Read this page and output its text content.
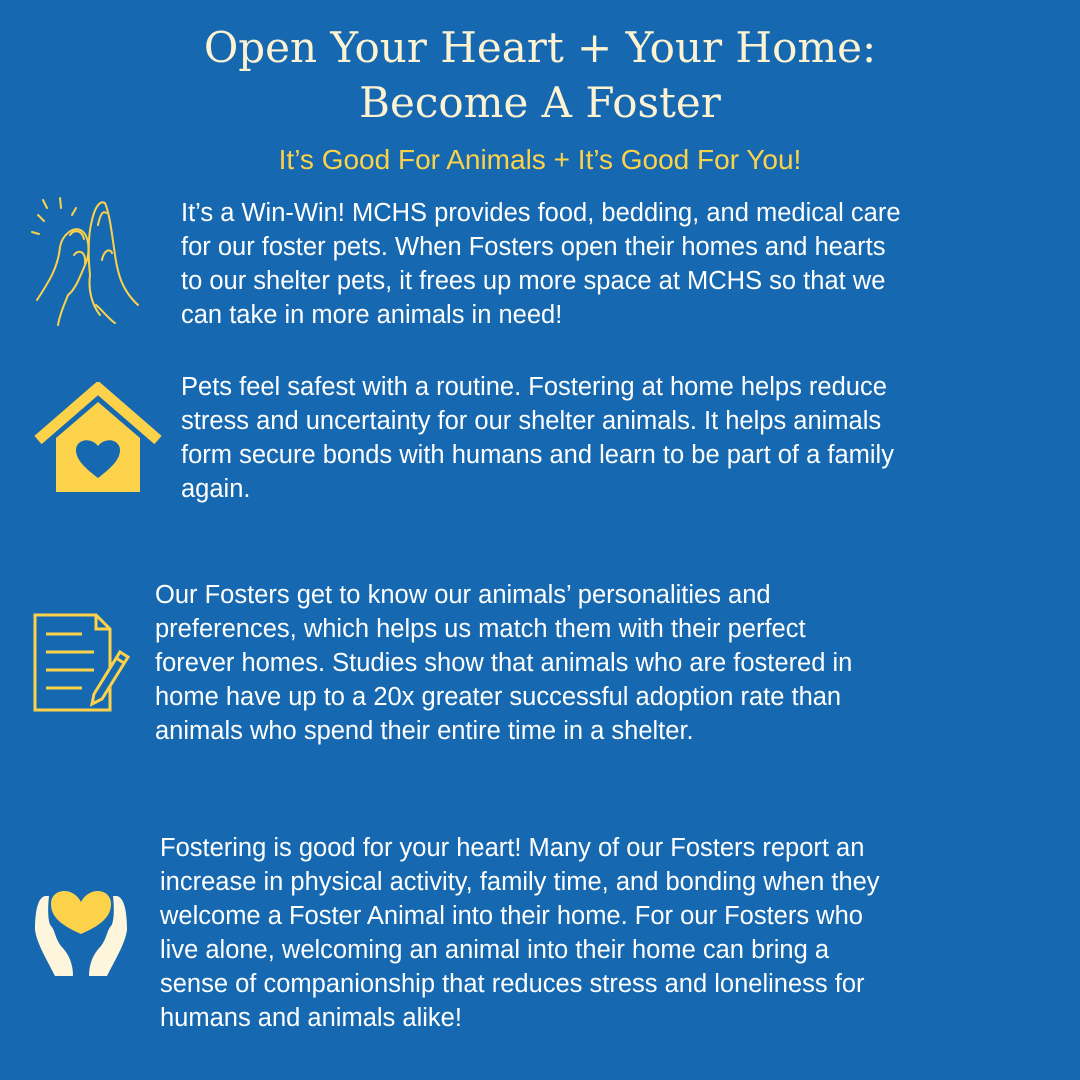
Open Your Heart + Your Home:
Become A Foster
It’s Good For Animals + It’s Good For You!
It’s a Win-Win! MCHS provides food, bedding, and medical care
for our foster pets. When Fosters open their homes and hearts
to our shelter pets, it frees up more space at MCHS so that we
can take in more animals in need!
Pets feel safest with a routine. Fostering at home helps reduce
stress and uncertainty for our shelter animals. It helps animals
form secure bonds with humans and learn to be part of a family
again.
Our Fosters get to know our animals’ personalities and
preferences, which helps us match them with their perfect
forever homes. Studies show that animals who are fostered in
home have up to a 20x greater successful adoption rate than
animals who spend their entire time in a shelter.
Fostering is good for your heart! Many of our Fosters report an
increase in physical activity, family time, and bonding when they
welcome a Foster Animal into their home. For our Fosters who
live alone, welcoming an animal into their home can bring a
sense of companionship that reduces stress and loneliness for
humans and animals alike!
